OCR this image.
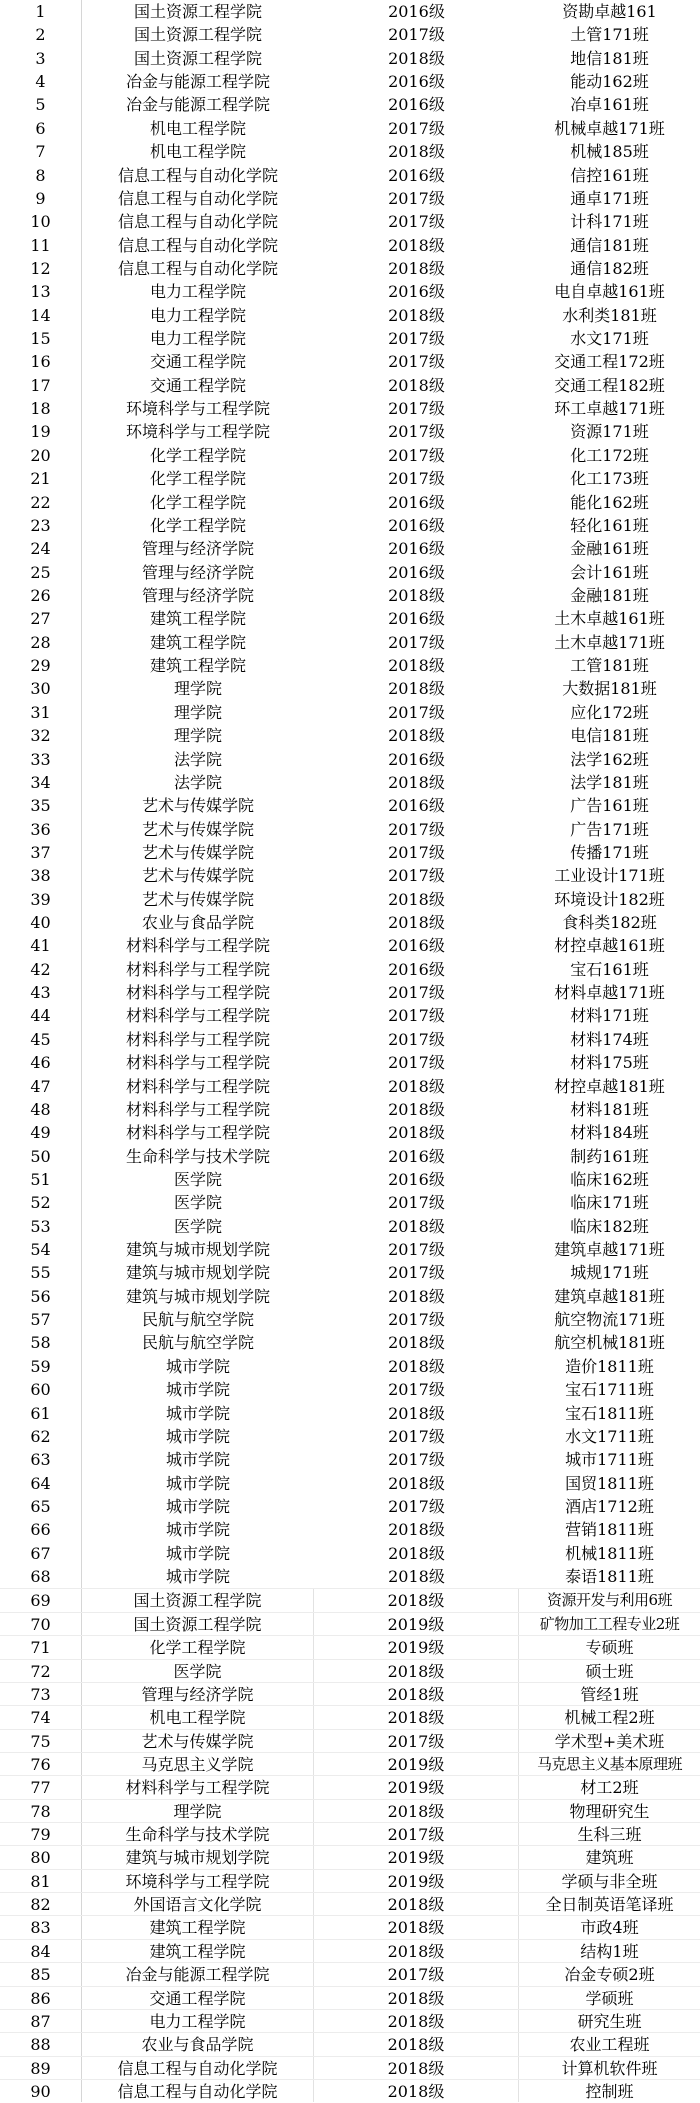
1	国土资源工程学院	2016级	资勘卓越161
2	国土资源工程学院	2017级	土管171班
3	国土资源工程学院	2018级	地信181班
4	冶金与能源工程学院	2016级	能动162班
5	冶金与能源工程学院	2016级	冶卓161班
6	机电工程学院	2017级	机械卓越171班
7	机电工程学院	2018级	机械185班
8	信息工程与自动化学院	2016级	信控161班
9	信息工程与自动化学院	2017级	通卓171班
10	信息工程与自动化学院	2017级	计科171班
11	信息工程与自动化学院	2018级	通信181班
12	信息工程与自动化学院	2018级	通信182班
13	电力工程学院	2016级	电自卓越161班
14	电力工程学院	2018级	水利类181班
15	电力工程学院	2017级	水文171班
16	交通工程学院	2017级	交通工程172班
17	交通工程学院	2018级	交通工程182班
18	环境科学与工程学院	2017级	环工卓越171班
19	环境科学与工程学院	2017级	资源171班
20	化学工程学院	2017级	化工172班
21	化学工程学院	2017级	化工173班
22	化学工程学院	2016级	能化162班
23	化学工程学院	2016级	轻化161班
24	管理与经济学院	2016级	金融161班
25	管理与经济学院	2016级	会计161班
26	管理与经济学院	2018级	金融181班
27	建筑工程学院	2016级	土木卓越161班
28	建筑工程学院	2017级	土木卓越171班
29	建筑工程学院	2018级	工管181班
30	理学院	2018级	大数据181班
31	理学院	2017级	应化172班
32	理学院	2018级	电信181班
33	法学院	2016级	法学162班
34	法学院	2018级	法学181班
35	艺术与传媒学院	2016级	广告161班
36	艺术与传媒学院	2017级	广告171班
37	艺术与传媒学院	2017级	传播171班
38	艺术与传媒学院	2017级	工业设计171班
39	艺术与传媒学院	2018级	环境设计182班
40	农业与食品学院	2018级	食科类182班
41	材料科学与工程学院	2016级	材控卓越161班
42	材料科学与工程学院	2016级	宝石161班
43	材料科学与工程学院	2017级	材料卓越171班
44	材料科学与工程学院	2017级	材料171班
45	材料科学与工程学院	2017级	材料174班
46	材料科学与工程学院	2017级	材料175班
47	材料科学与工程学院	2018级	材控卓越181班
48	材料科学与工程学院	2018级	材料181班
49	材料科学与工程学院	2018级	材料184班
50	生命科学与技术学院	2016级	制药161班
51	医学院	2016级	临床162班
52	医学院	2017级	临床171班
53	医学院	2018级	临床182班
54	建筑与城市规划学院	2017级	建筑卓越171班
55	建筑与城市规划学院	2017级	城规171班
56	建筑与城市规划学院	2018级	建筑卓越181班
57	民航与航空学院	2017级	航空物流171班
58	民航与航空学院	2018级	航空机械181班
59	城市学院	2018级	造价1811班
60	城市学院	2017级	宝石1711班
61	城市学院	2018级	宝石1811班
62	城市学院	2017级	水文1711班
63	城市学院	2017级	城市1711班
64	城市学院	2018级	国贸1811班
65	城市学院	2017级	酒店1712班
66	城市学院	2018级	营销1811班
67	城市学院	2018级	机械1811班
68	城市学院	2018级	泰语1811班
69	国土资源工程学院	2018级	资源开发与利用6班
70	国土资源工程学院	2019级	矿物加工工程专业2班
71	化学工程学院	2019级	专硕班
72	医学院	2018级	硕士班
73	管理与经济学院	2018级	管经1班
74	机电工程学院	2018级	机械工程2班
75	艺术与传媒学院	2017级	学术型+美术班
76	马克思主义学院	2019级	马克思主义基本原理班
77	材料科学与工程学院	2019级	材工2班
78	理学院	2018级	物理研究生
79	生命科学与技术学院	2017级	生科三班
80	建筑与城市规划学院	2019级	建筑班
81	环境科学与工程学院	2019级	学硕与非全班
82	外国语言文化学院	2018级	全日制英语笔译班
83	建筑工程学院	2018级	市政4班
84	建筑工程学院	2018级	结构1班
85	冶金与能源工程学院	2017级	冶金专硕2班
86	交通工程学院	2018级	学硕班
87	电力工程学院	2018级	研究生班
88	农业与食品学院	2018级	农业工程班
89	信息工程与自动化学院	2018级	计算机软件班
90	信息工程与自动化学院	2018级	控制班
